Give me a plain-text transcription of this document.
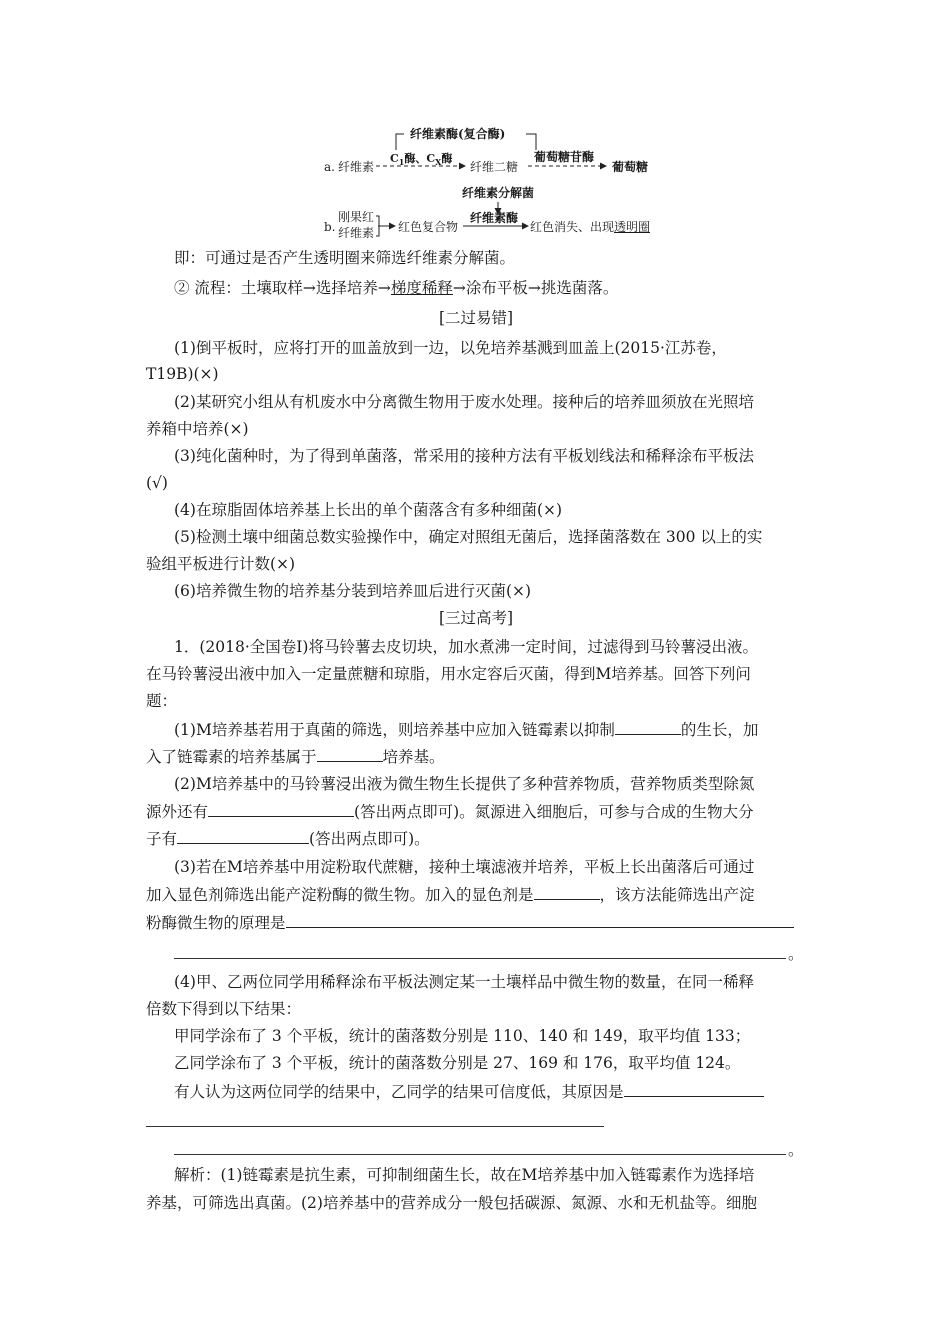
纤维素酶(复合酶)
a. 纤维素
$C_1$酶、$C_X$酶
纤维二糖
葡萄糖苷酶
葡萄糖
纤维素分解菌
b.
刚果红
纤维素 红色复合物
纤维素酶
红色消失、出现透明圈
即：可通过是否产生透明圈来筛选纤维素分解菌。
② 流程：土壤取样→选择培养→梯度稀释→涂布平板→挑选菌落。
[二过易错]
(1)倒平板时，应将打开的皿盖放到一边，以免培养基溅到皿盖上(2015·江苏卷，
T19B)(×)
(2)某研究小组从有机废水中分离微生物用于废水处理。接种后的培养皿须放在光照培
养箱中培养(×)
(3)纯化菌种时，为了得到单菌落，常采用的接种方法有平板划线法和稀释涂布平板法
(√)
(4)在琼脂固体培养基上长出的单个菌落含有多种细菌(×)
(5)检测土壤中细菌总数实验操作中，确定对照组无菌后，选择菌落数在 300 以上的实
验组平板进行计数(×)
(6)培养微生物的培养基分装到培养皿后进行灭菌(×)
[三过高考]
1．(2018·全国卷Ⅰ)将马铃薯去皮切块，加水煮沸一定时间，过滤得到马铃薯浸出液。
在马铃薯浸出液中加入一定量蔗糖和琼脂，用水定容后灭菌，得到M培养基。回答下列问
题：
(1)M培养基若用于真菌的筛选，则培养基中应加入链霉素以抑制	的生长，加
入了链霉素的培养基属于	培养基。
(2)M培养基中的马铃薯浸出液为微生物生长提供了多种营养物质，营养物质类型除氮
源外还有	(答出两点即可)。氮源进入细胞后，可参与合成的生物大分
子有	(答出两点即可)。
(3)若在M培养基中用淀粉取代蔗糖，接种土壤滤液并培养，平板上长出菌落后可通过
加入显色剂筛选出能产淀粉酶的微生物。加入的显色剂是	，该方法能筛选出产淀
粉酶微生物的原理是
。
(4)甲、乙两位同学用稀释涂布平板法测定某一土壤样品中微生物的数量，在同一稀释
倍数下得到以下结果：
甲同学涂布了 3 个平板，统计的菌落数分别是 110、140 和 149，取平均值 133；
乙同学涂布了 3 个平板，统计的菌落数分别是 27、169 和 176，取平均值 124。
有人认为这两位同学的结果中，乙同学的结果可信度低，其原因是
。
解析：(1)链霉素是抗生素，可抑制细菌生长，故在M培养基中加入链霉素作为选择培
养基，可筛选出真菌。(2)培养基中的营养成分一般包括碳源、氮源、水和无机盐等。细胞
